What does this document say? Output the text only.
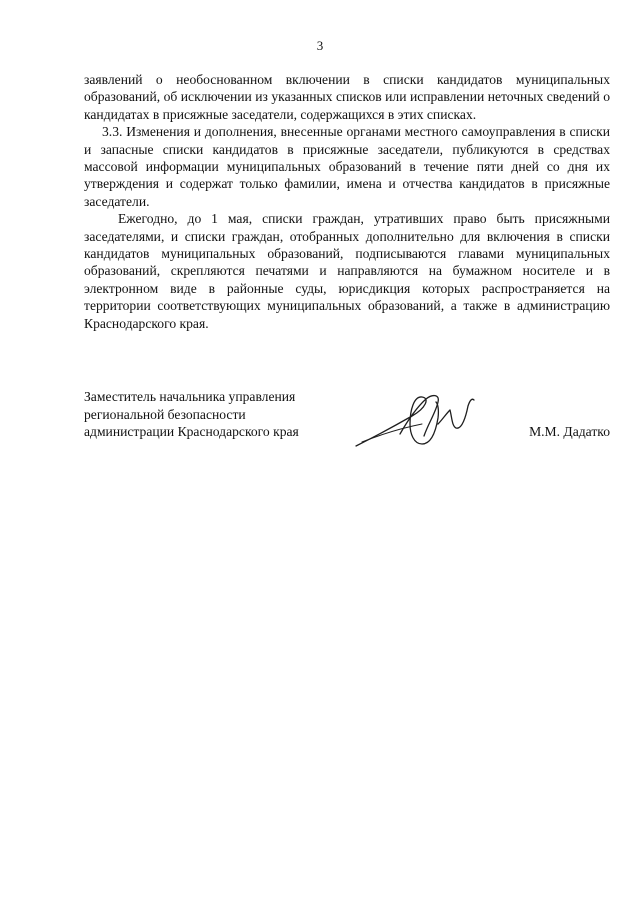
3

заявлений о необоснованном включении в списки кандидатов муниципальных образований, об исключении из указанных списков или исправлении неточных сведений о кандидатах в присяжные заседатели, содержащихся в этих списках.

3.3. Изменения и дополнения, внесенные органами местного самоуправления в списки и запасные списки кандидатов в присяжные заседатели, публикуются в средствах массовой информации муниципальных образований в течение пяти дней со дня их утверждения и содержат только фамилии, имена и отчества кандидатов в присяжные заседатели.

Ежегодно, до 1 мая, списки граждан, утративших право быть присяжными заседателями, и списки граждан, отобранных дополнительно для включения в списки кандидатов муниципальных образований, подписываются главами муниципальных образований, скрепляются печатями и направляются на бумажном носителе и в электронном виде в районные суды, юрисдикция которых распространяется на территории соответствующих муниципальных образований, а также в администрацию Краснодарского края.

Заместитель начальника управления
региональной безопасности
администрации Краснодарского края	М.М. Дадатко
